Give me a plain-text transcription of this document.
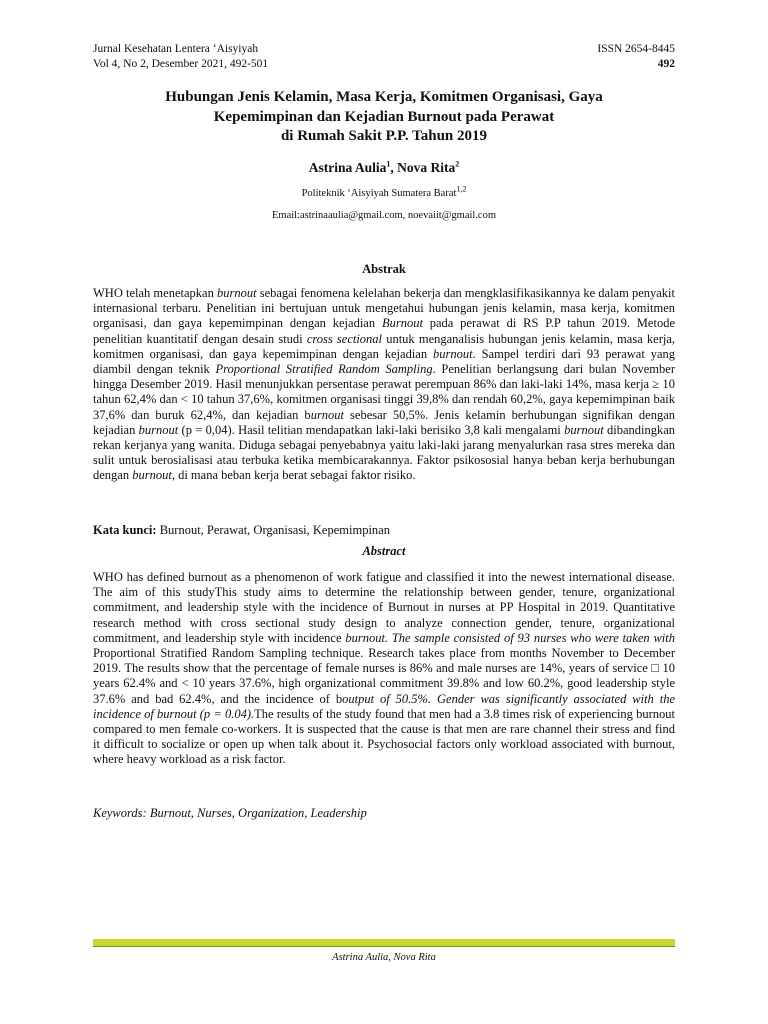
Jurnal Kesehatan Lentera ‘Aisyiyah
Vol 4, No 2, Desember 2021, 492-501
ISSN 2654-8445
492
Hubungan Jenis Kelamin, Masa Kerja, Komitmen Organisasi, Gaya
Kepemimpinan dan Kejadian Burnout pada Perawat
di Rumah Sakit P.P. Tahun 2019
Astrina Aulia$^1$, Nova Rita$^2$
Politeknik ‘Aisyiyah Sumatera Barat$^{1,2}$
Email:astrinaaulia@gmail.com, noevaiit@gmail.com
Abstrak

WHO telah menetapkan burnout sebagai fenomena kelelahan bekerja dan mengklasifikasikannya ke dalam penyakit internasional terbaru. Penelitian ini bertujuan untuk mengetahui hubungan jenis kelamin, masa kerja, komitmen organisasi, dan gaya kepemimpinan dengan kejadian Burnout pada perawat di RS P.P tahun 2019. Metode penelitian kuantitatif dengan desain studi cross sectional untuk menganalisis hubungan jenis kelamin, masa kerja, komitmen organisasi, dan gaya kepemimpinan dengan kejadian burnout. Sampel terdiri dari 93 perawat yang diambil dengan teknik Proportional Stratified Random Sampling. Penelitian berlangsung dari bulan November hingga Desember 2019. Hasil menunjukkan persentase perawat perempuan 86% dan laki-laki 14%, masa kerja ≥ 10 tahun 62,4% dan < 10 tahun 37,6%, komitmen organisasi tinggi 39,8% dan rendah 60,2%, gaya kepemimpinan baik 37,6% dan buruk 62,4%, dan kejadian burnout sebesar 50,5%. Jenis kelamin berhubungan signifikan dengan kejadian burnout (p = 0,04). Hasil telitian mendapatkan laki-laki berisiko 3,8 kali mengalami burnout dibandingkan rekan kerjanya yang wanita. Diduga sebagai penyebabnya yaitu laki-laki jarang menyalurkan rasa stres mereka dan sulit untuk berosialisasi atau terbuka ketika membicarakannya. Faktor psikososial hanya beban kerja berhubungan dengan burnout, di mana beban kerja berat sebagai faktor risiko.

Kata kunci: Burnout, Perawat, Organisasi, Kepemimpinan
Abstract

WHO has defined burnout as a phenomenon of work fatigue and classified it into the newest international disease. The aim of this studyThis study aims to determine the relationship between gender, tenure, organizational commitment, and leadership style with the incidence of Burnout in nurses at PP Hospital in 2019. Quantitative research method with cross sectional study design to analyze connection gender, tenure, organizational commitment, and leadership style with incidence burnout. The sample consisted of 93 nurses who were taken with Proportional Stratified Random Sampling technique. Research takes place from months November to December 2019. The results show that the percentage of female nurses is 86% and male nurses are 14%, years of service □ 10 years 62.4% and < 10 years 37.6%, high organizational commitment 39.8% and low 60.2%, good leadership style 37.6% and bad 62.4%, and the incidence of boutput of 50.5%. Gender was significantly associated with the incidence of burnout (p = 0.04).The results of the study found that men had a 3.8 times risk of experiencing burnout compared to men female co-workers. It is suspected that the cause is that men are rare channel their stress and find it difficult to socialize or open up when talk about it. Psychosocial factors only workload associated with burnout, where heavy workload as a risk factor.

Keywords: Burnout, Nurses, Organization, Leadership
Astrina Aulia, Nova Rita
